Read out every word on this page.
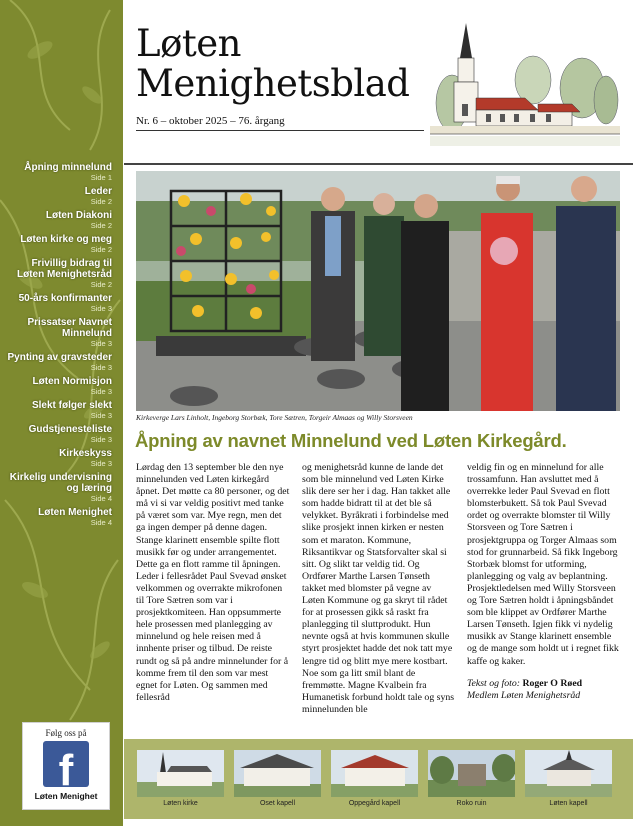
Åpning minnelund
Side 1
Leder
Side 2
Løten Diakoni
Side 2
Løten kirke og meg
Side 2
Frivillig bidrag til Løten Menighetsråd
Side 2
50-års konfirmanter
Side 3
Prissatser Navnet Minnelund
Side 3
Pynting av gravsteder
Side 3
Løten Normisjon
Side 3
Slekt følger slekt
Side 3
Gudstjenesteliste
Side 3
Kirkeskyss
Side 3
Kirkelig undervisning og læring
Side 4
Løten Menighet
Side 4
Følg oss på
f
Løten Menighet
Løten
Menighetsblad
Nr. 6 – oktober 2025 – 76. årgang
Kirkeverge Lars Linholt, Ingeborg Storbæk, Tore Sætren, Torgeir Almaas og Willy Storsveen
Åpning av navnet Minnelund ved Løten Kirkegård.

Lørdag den 13 september ble den nye minnelunden ved Løten kirkegård åpnet. Det møtte ca 80 personer, og det må vi si var veldig positivt med tanke på været som var. Mye regn, men det ga ingen demper på denne dagen. Stange klarinett ensemble spilte flott musikk før og under arrangementet. Dette ga en flott ramme til åpningen. Leder i fellesrådet Paul Svevad ønsket velkommen og overrakte mikrofonen til Tore Sætren som var i prosjektkomiteen. Han oppsummerte hele prosessen med planlegging av minnelund og hele reisen med å innhente priser og tilbud. De reiste rundt og så på andre minnelunder for å komme frem til den som var mest egnet for Løten. Og sammen med fellesråd

og menighetsråd kunne de lande det som ble minnelund ved Løten Kirke slik dere ser her i dag. Han takket alle som hadde bidratt til at det ble så velykket. Byråkrati i forbindelse med slike prosjekt innen kirken er nesten som et maraton. Kommune, Riksantikvar og Statsforvalter skal si sitt. Og slikt tar veldig tid. Og Ordfører Marthe Larsen Tønseth takket med blomster på vegne av Løten Kommune og ga skryt til rådet for at prosessen gikk så raskt fra planlegging til sluttprodukt. Hun nevnte også at hvis kommunen skulle styrt prosjektet hadde det nok tatt mye lengre tid og blitt mye mere kostbart. Noe som ga litt smil blant de fremmøtte. Magne Kvalbein fra Humanetisk forbund holdt tale og syns minnelunden ble

veldig fin og en minnelund for alle trossamfunn. Han avsluttet med å overrekke leder Paul Svevad en flott blomsterbukett. Så tok Paul Svevad ordet og overrakte blomster til Willy Storsveen og Tore Sætren i prosjektgruppa og Torger Almaas som stod for grunnarbeid. Så fikk Ingeborg Storbæk blomst for utforming, planlegging og valg av beplantning. Prosjektledelsen med Willy Storsveen og Tore Sætren holdt i åpningsbåndet som ble klippet av Ordfører Marthe Larsen Tønseth. Igjen fikk vi nydelig musikk av Stange klarinett ensemble og de mange som holdt ut i regnet fikk kaffe og kaker.

Tekst og foto: Roger O Røed
Medlem Løten Menighetsråd

Løten kirke	Oset kapell	Oppegård kapell	Roko ruin	Løten kapell
